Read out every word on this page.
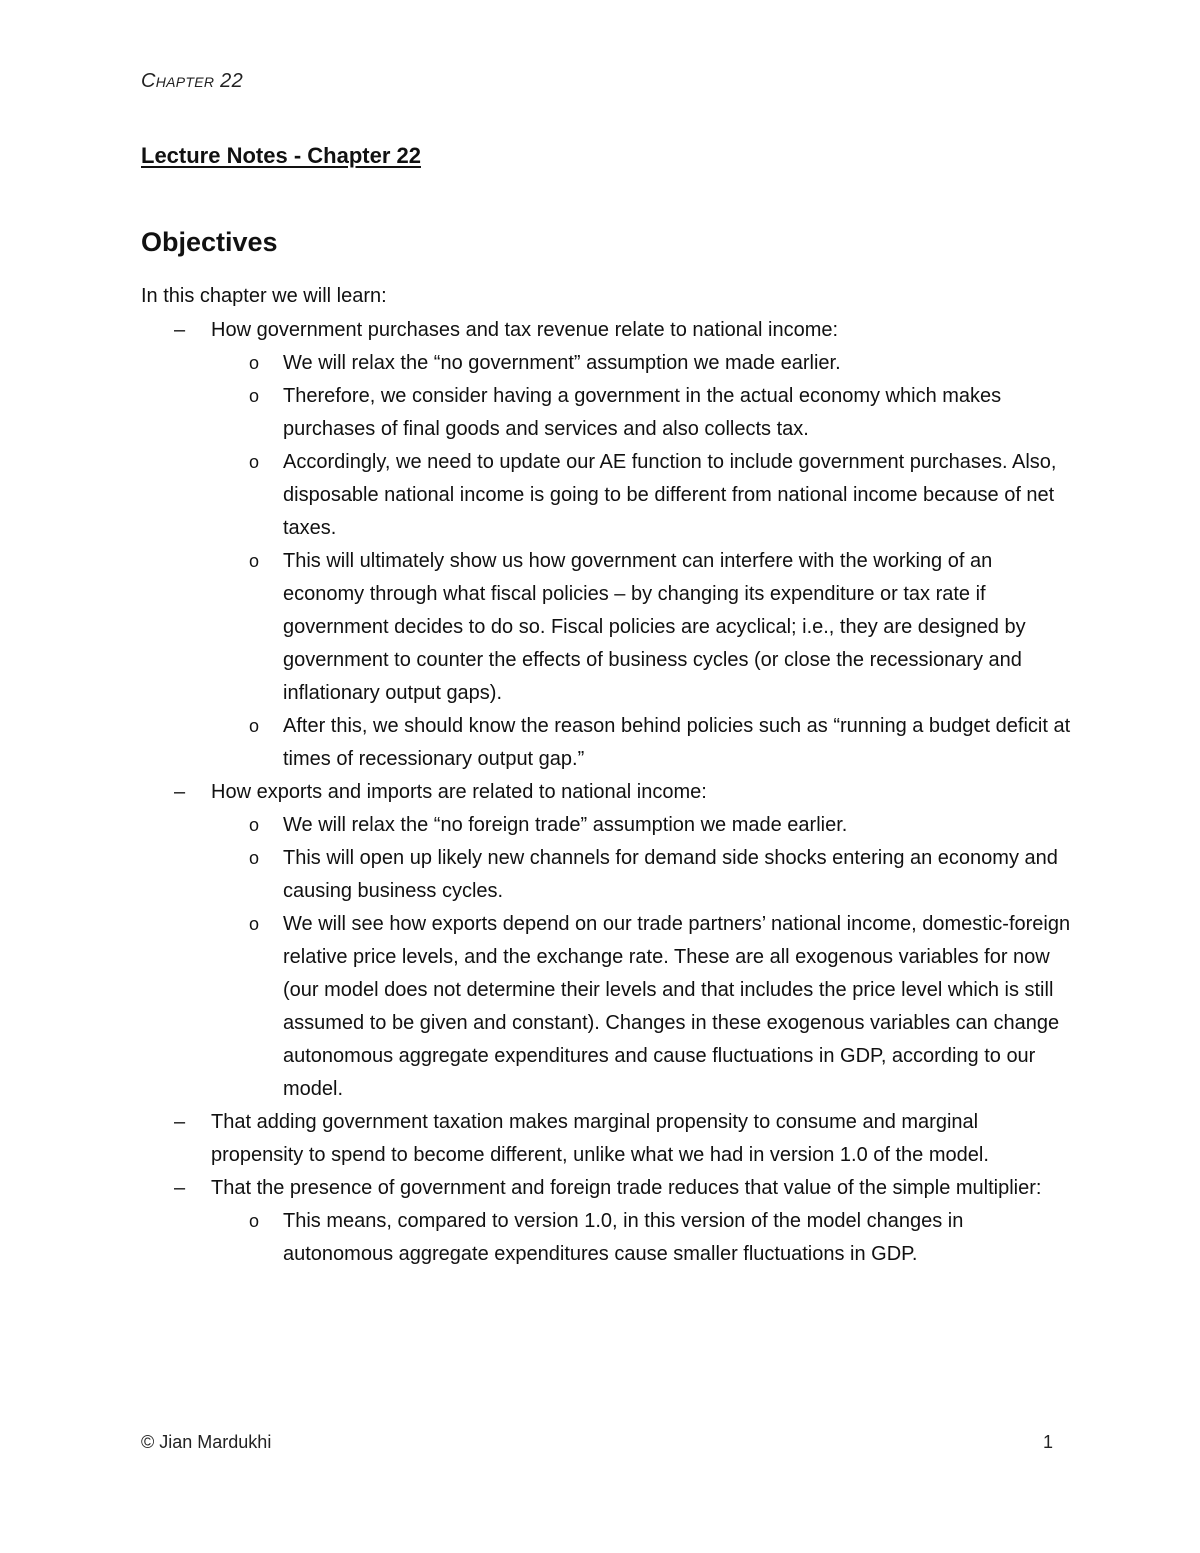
Chapter 22
Lecture Notes - Chapter 22
Objectives

In this chapter we will learn:

– How government purchases and tax revenue relate to national income:
o We will relax the “no government” assumption we made earlier.
o Therefore, we consider having a government in the actual economy which makes purchases of final goods and services and also collects tax.
o Accordingly, we need to update our AE function to include government purchases. Also, disposable national income is going to be different from national income because of net taxes.
o This will ultimately show us how government can interfere with the working of an economy through what fiscal policies – by changing its expenditure or tax rate if government decides to do so. Fiscal policies are acyclical; i.e., they are designed by government to counter the effects of business cycles (or close the recessionary and inflationary output gaps).
o After this, we should know the reason behind policies such as “running a budget deficit at times of recessionary output gap.”
– How exports and imports are related to national income:
o We will relax the “no foreign trade” assumption we made earlier.
o This will open up likely new channels for demand side shocks entering an economy and causing business cycles.
o We will see how exports depend on our trade partners’ national income, domestic-foreign relative price levels, and the exchange rate. These are all exogenous variables for now (our model does not determine their levels and that includes the price level which is still assumed to be given and constant). Changes in these exogenous variables can change autonomous aggregate expenditures and cause fluctuations in GDP, according to our model.
– That adding government taxation makes marginal propensity to consume and marginal propensity to spend to become different, unlike what we had in version 1.0 of the model.
– That the presence of government and foreign trade reduces that value of the simple multiplier:
o This means, compared to version 1.0, in this version of the model changes in autonomous aggregate expenditures cause smaller fluctuations in GDP.
© Jian Mardukhi	1
